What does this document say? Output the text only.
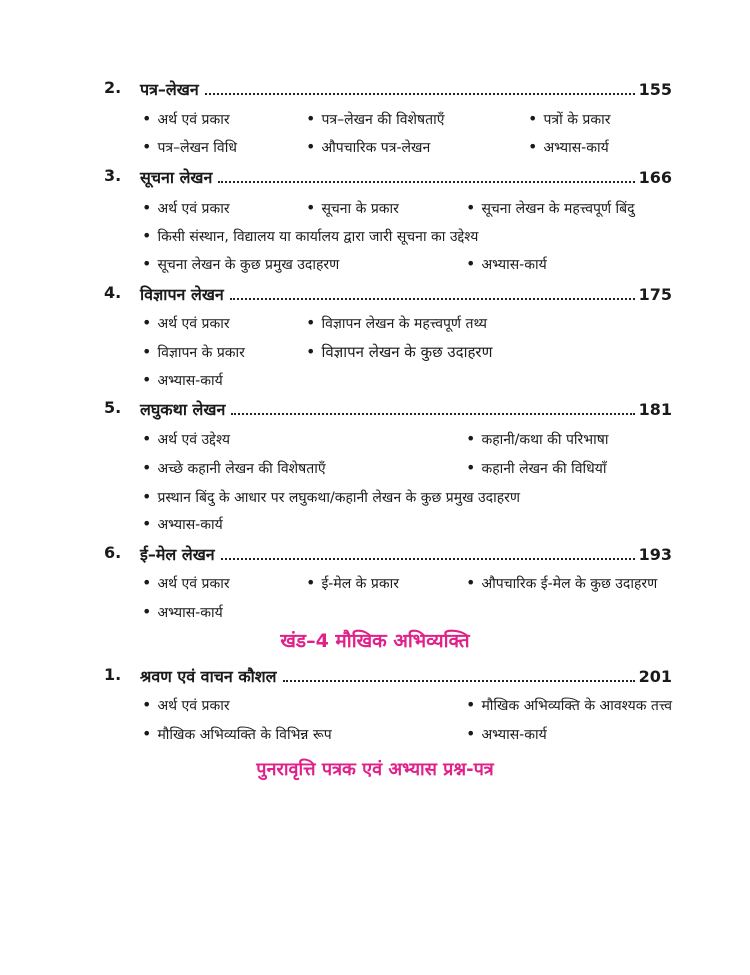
2. पत्र–लेखन	155
• अर्थ एवं प्रकार	• पत्र–लेखन की विशेषताएँ	• पत्रों के प्रकार
• पत्र–लेखन विधि	• औपचारिक पत्र-लेखन	• अभ्यास-कार्य
3. सूचना लेखन	166
• अर्थ एवं प्रकार	• सूचना के प्रकार	• सूचना लेखन के महत्त्वपूर्ण बिंदु
• किसी संस्थान, विद्यालय या कार्यालय द्वारा जारी सूचना का उद्देश्य
• सूचना लेखन के कुछ प्रमुख उदाहरण	• अभ्यास-कार्य
4. विज्ञापन लेखन	175
• अर्थ एवं प्रकार	• विज्ञापन लेखन के महत्त्वपूर्ण तथ्य
• विज्ञापन के प्रकार	• विज्ञापन लेखन के कुछ उदाहरण
• अभ्यास-कार्य
5. लघुकथा लेखन	181
• अर्थ एवं उद्देश्य	• कहानी/कथा की परिभाषा
• अच्छे कहानी लेखन की विशेषताएँ	• कहानी लेखन की विधियाँ
• प्रस्थान बिंदु के आधार पर लघुकथा/कहानी लेखन के कुछ प्रमुख उदाहरण
• अभ्यास-कार्य
6. ई–मेल लेखन	193
• अर्थ एवं प्रकार	• ई-मेल के प्रकार	• औपचारिक ई-मेल के कुछ उदाहरण
• अभ्यास-कार्य
खंड–4 मौखिक अभिव्यक्ति
1. श्रवण एवं वाचन कौशल	201
• अर्थ एवं प्रकार	• मौखिक अभिव्यक्ति के आवश्यक तत्त्व
• मौखिक अभिव्यक्ति के विभिन्न रूप	• अभ्यास-कार्य
पुनरावृत्ति पत्रक एवं अभ्यास प्रश्न-पत्र
